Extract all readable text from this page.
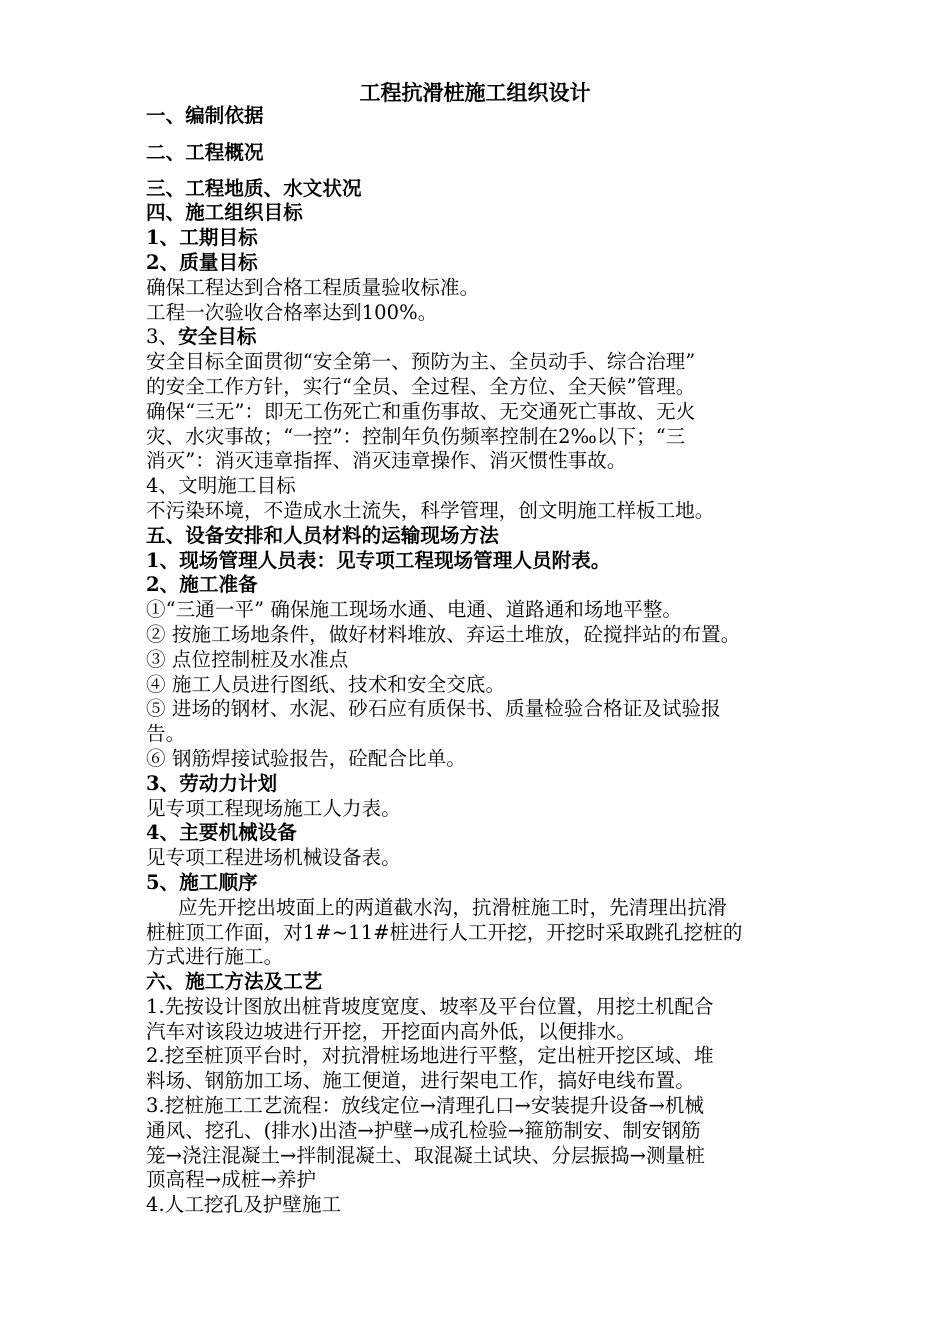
工程抗滑桩施工组织设计
一、编制依据
二、工程概况
三、工程地质、水文状况
四、施工组织目标
1、工期目标
2、质量目标
确保工程达到合格工程质量验收标准。
工程一次验收合格率达到100%。
3、安全目标
安全目标全面贯彻“安全第一、预防为主、全员动手、综合治理”
的安全工作方针，实行“全员、全过程、全方位、全天候”管理。
确保“三无”：即无工伤死亡和重伤事故、无交通死亡事故、无火
灾、水灾事故；“一控”：控制年负伤频率控制在2‰以下；“三
消灭”：消灭违章指挥、消灭违章操作、消灭惯性事故。
4、文明施工目标
不污染环境，不造成水土流失，科学管理，创文明施工样板工地。
五、设备安排和人员材料的运输现场方法
1、现场管理人员表：见专项工程现场管理人员附表。
2、施工准备
①“三通一平” 确保施工现场水通、电通、道路通和场地平整。
② 按施工场地条件，做好材料堆放、弃运土堆放，砼搅拌站的布置。
③ 点位控制桩及水准点
④ 施工人员进行图纸、技术和安全交底。
⑤ 进场的钢材、水泥、砂石应有质保书、质量检验合格证及试验报
告。
⑥ 钢筋焊接试验报告，砼配合比单。
3、劳动力计划
见专项工程现场施工人力表。
4、主要机械设备
见专项工程进场机械设备表。
5、施工顺序
应先开挖出坡面上的两道截水沟，抗滑桩施工时，先清理出抗滑
桩桩顶工作面，对1#~11#桩进行人工开挖，开挖时采取跳孔挖桩的
方式进行施工。
六、施工方法及工艺
1.先按设计图放出桩背坡度宽度、坡率及平台位置，用挖土机配合
汽车对该段边坡进行开挖，开挖面内高外低，以便排水。
2.挖至桩顶平台时，对抗滑桩场地进行平整，定出桩开挖区域、堆
料场、钢筋加工场、施工便道，进行架电工作，搞好电线布置。
3.挖桩施工工艺流程：放线定位→清理孔口→安装提升设备→机械
通风、挖孔、(排水)出渣→护壁→成孔检验→箍筋制安、制安钢筋
笼→浇注混凝土→拌制混凝土、取混凝土试块、分层振捣→测量桩
顶高程→成桩→养护
4.人工挖孔及护壁施工
